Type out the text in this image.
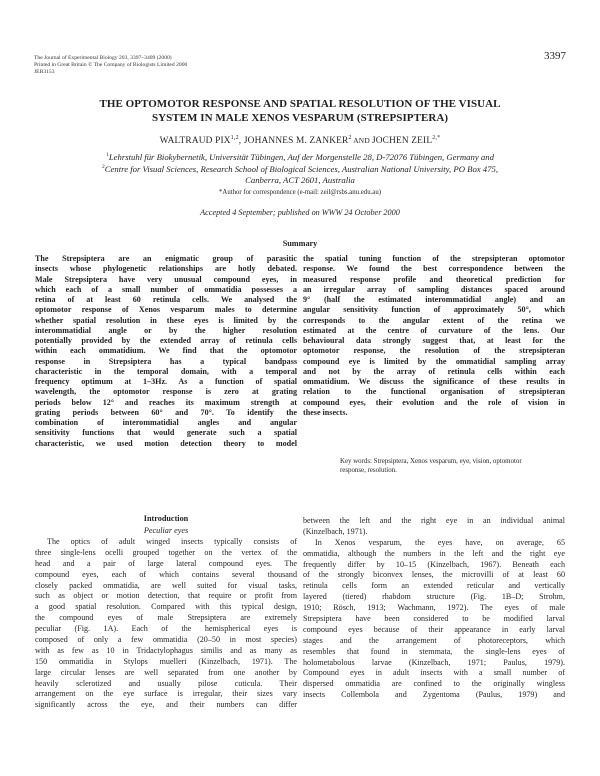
The Journal of Experimental Biology 203, 3397–3409 (2000)
Printed in Great Britain © The Company of Biologists Limited 2000
JEB3153
3397
THE OPTOMOTOR RESPONSE AND SPATIAL RESOLUTION OF THE VISUAL
SYSTEM IN MALE XENOS VESPARUM (STREPSIPTERA)
WALTRAUD PIX$^{1,2}$, JOHANNES M. ZANKER$^2$ AND JOCHEN $ZEIL^{2,*}$
$^1$Lehrstuhl für Biokybernetik, Universität Tübingen, Auf der Morgenstelle 28, D-72076 Tübingen, Germany and
$^2$Centre for Visual Sciences, Research School of Biological Sciences, Australian National University, PO Box 475,
Canberra, ACT 2601, Australia
*Author for correspondence (e-mail: zeil@rsbs.anu.edu.au)
Accepted 4 September; published on WWW 24 October 2000
Summary
The Strepsiptera are an enigmatic group of parasitic
insects whose phylogenetic relationships are hotly debated.
Male Strepsiptera have very unusual compound eyes, in
which each of a small number of ommatidia possesses a
retina of at least 60 retinula cells. We analysed the
optomotor response of Xenos vesparum males to determine
whether spatial resolution in these eyes is limited by the
interommatidial angle or by the higher resolution
potentially provided by the extended array of retinula cells
within each ommatidium. We find that the optomotor
response in Strepsiptera has a typical bandpass
characteristic in the temporal domain, with a temporal
frequency optimum at 1–3Hz. As a function of spatial
wavelength, the optomotor response is zero at grating
periods below 12° and reaches its maximum strength at
grating periods between 60° and 70°. To identify the
combination of interommatidial angles and angular
sensitivity functions that would generate such a spatial
characteristic, we used motion detection theory to model
the spatial tuning function of the strepsipteran optomotor
response. We found the best correspondence between the
measured response profile and theoretical prediction for
an irregular array of sampling distances spaced around
9° (half the estimated interommatidial angle) and an
angular sensitivity function of approximately 50°, which
corresponds to the angular extent of the retina we
estimated at the centre of curvature of the lens. Our
behavioural data strongly suggest that, at least for the
optomotor response, the resolution of the strepsipteran
compound eye is limited by the ommatidial sampling array
and not by the array of retinula cells within each
ommatidium. We discuss the significance of these results in
relation to the functional organisation of strepsipteran
compound eyes, their evolution and the role of vision in
these insects.
Key words: Strepsiptera, Xenos vesparum, eye, vision, optomotor
response, resolution.
Introduction
Peculiar eyes
The optics of adult winged insects typically consists of
three single-lens ocelli grouped together on the vertex of the
head and a pair of large lateral compound eyes. The
compound eyes, each of which contains several thousand
closely packed ommatidia, are well suited for visual tasks,
such as object or motion detection, that require or profit from
a good spatial resolution. Compared with this typical design,
the compound eyes of male Strepsiptera are extremely
peculiar (Fig. 1A). Each of the hemispherical eyes is
composed of only a few ommatidia (20–50 in most species)
with as few as 10 in Tridactylophagus similis and as many as
150 ommatidia in Stylops muelleri (Kinzelbach, 1971). The
large circular lenses are well separated from one another by
heavily sclerotized and usually pilose cuticula. Their
arrangement on the eye surface is irregular, their sizes vary
significantly across the eye, and their numbers can differ
between the left and the right eye in an individual animal
(Kinzelbach, 1971).
In Xenos vesparum, the eyes have, on average, 65
ommatidia, although the numbers in the left and the right eye
frequently differ by 10–15 (Kinzelbach, 1967). Beneath each
of the strongly biconvex lenses, the microvilli of at least 60
retinula cells form an extended reticular and vertically
layered (tiered) rhabdom structure (Fig. 1B–D; Strohm,
1910; Rösch, 1913; Wachmann, 1972). The eyes of male
Strepsiptera have been considered to be modified larval
compound eyes because of their appearance in early larval
stages and the arrangement of photoreceptors, which
resembles that found in stemmata, the single-lens eyes of
holometabolous larvae (Kinzelbach, 1971; Paulus, 1979).
Compound eyes in adult insects with a small number of
dispersed ommatidia are confined to the originally wingless
insects Collembola and Zygentoma (Paulus, 1979) and
